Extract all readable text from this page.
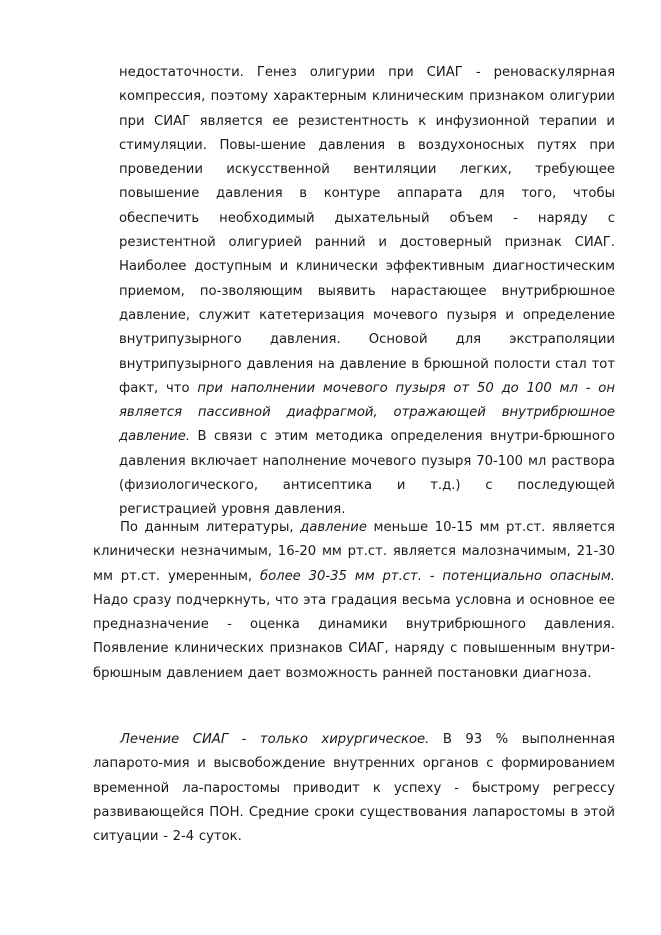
недостаточности. Генез олигурии при СИАГ - реноваскулярная компрессия, поэтому характерным клиническим признаком олигурии при СИАГ является ее резистентность к инфузионной терапии и стимуляции. Повы-шение давления в воздухоносных путях при проведении искусственной вентиляции легких, требующее повышение давления в контуре аппарата для того, чтобы обеспечить необходимый дыхательный объем - наряду с резистентной олигурией ранний и достоверный признак СИАГ. Наиболее доступным и клинически эффективным диагностическим приемом, по-зволяющим выявить нарастающее внутрибрюшное давление, служит катетеризация мочевого пузыря и определение внутрипузырного давления. Основой для экстраполяции внутрипузырного давления на давление в брюшной полости стал тот факт, что при наполнении мочевого пузыря от 50 до 100 мл - он является пассивной диафрагмой, отражающей внутрибрюшное давление. В связи с этим методика определения внутри-брюшного давления включает наполнение мочевого пузыря 70-100 мл раствора (физиологического, антисептика и т.д.) с последующей регистрацией уровня давления.

По данным литературы, давление меньше 10-15 мм рт.ст. является клинически незначимым, 16-20 мм рт.ст. является малозначимым, 21-30 мм рт.ст. умеренным, более 30-35 мм рт.ст. - потенциально опасным. Надо сразу подчеркнуть, что эта градация весьма условна и основное ее предназначение - оценка динамики внутрибрюшного давления. Появление клинических признаков СИАГ, наряду с повышенным внутри-брюшным давлением дает возможность ранней постановки диагноза.

Лечение СИАГ - только хирургическое. В 93 % выполненная лапарото-мия и высвобождение внутренних органов с формированием временной ла-паростомы приводит к успеху - быстрому регрессу развивающейся ПОН. Средние сроки существования лапаростомы в этой ситуации - 2-4 суток.
